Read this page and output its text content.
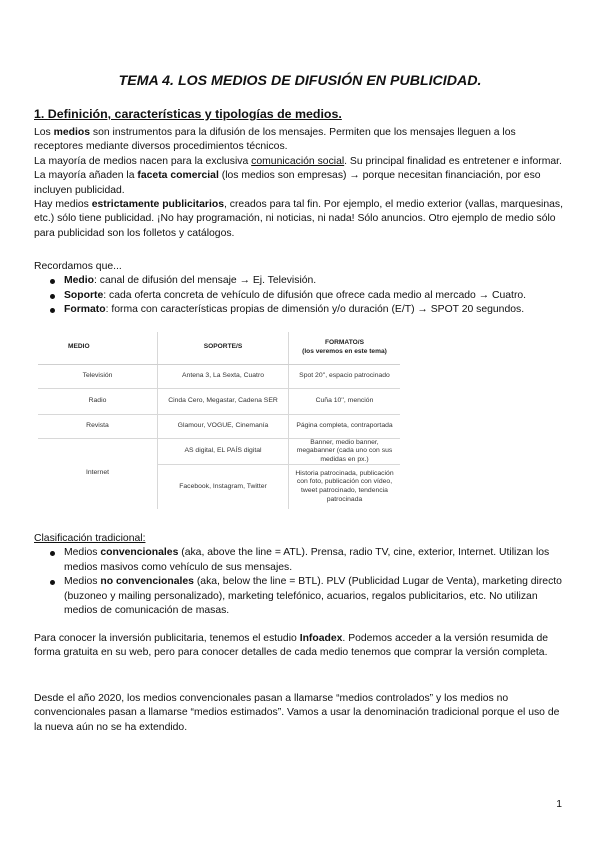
TEMA 4. LOS MEDIOS DE DIFUSIÓN EN PUBLICIDAD.
1. Definición, características y tipologías de medios.

Los medios son instrumentos para la difusión de los mensajes. Permiten que los mensajes lleguen a los receptores mediante diversos procedimientos técnicos.

La mayoría de medios nacen para la exclusiva comunicación social. Su principal finalidad es entretener e informar. La mayoría añaden la faceta comercial (los medios son empresas) → porque necesitan financiación, por eso incluyen publicidad.

Hay medios estrictamente publicitarios, creados para tal fin. Por ejemplo, el medio exterior (vallas, marquesinas, etc.) sólo tiene publicidad. ¡No hay programación, ni noticias, ni nada! Sólo anuncios. Otro ejemplo de medio sólo para publicidad son los folletos y catálogos.

Recordamos que...

Medio: canal de difusión del mensaje → Ej. Televisión.
Soporte: cada oferta concreta de vehículo de difusión que ofrece cada medio al mercado → Cuatro.
Formato: forma con características propias de dimensión y/o duración (E/T) → SPOT 20 segundos.
MEDIO	SOPORTE/S	FORMATO/S
(los veremos en este tema)

Televisión	Antena 3, La Sexta, Cuatro	Spot 20'', espacio patrocinado
Radio	Cinda Cero, Megastar, Cadena SER	Cuña 10'', mención
Revista	Glamour, VOGUE, Cinemanía	Página completa, contraportada
Internet	AS digital, EL PAÍS digital	Banner, medio banner, megabanner (cada uno con sus medidas en px.)
	Facebook, Instagram, Twitter	Historia patrocinada, publicación con foto, publicación con vídeo, tweet patrocinado, tendencia patrocinada

Clasificación tradicional:

Medios convencionales (aka, above the line = ATL). Prensa, radio TV, cine, exterior, Internet. Utilizan los medios masivos como vehículo de sus mensajes.
Medios no convencionales (aka, below the line = BTL). PLV (Publicidad Lugar de Venta), marketing directo (buzoneo y mailing personalizado), marketing telefónico, acuarios, regalos publicitarios, etc. No utilizan medios de comunicación de masas.

Para conocer la inversión publicitaria, tenemos el estudio Infoadex. Podemos acceder a la versión resumida de forma gratuita en su web, pero para conocer detalles de cada medio tenemos que comprar la versión completa.

Desde el año 2020, los medios convencionales pasan a llamarse “medios controlados” y los medios no convencionales pasan a llamarse “medios estimados”. Vamos a usar la denominación tradicional porque el uso de la nueva aún no se ha extendido.

1
